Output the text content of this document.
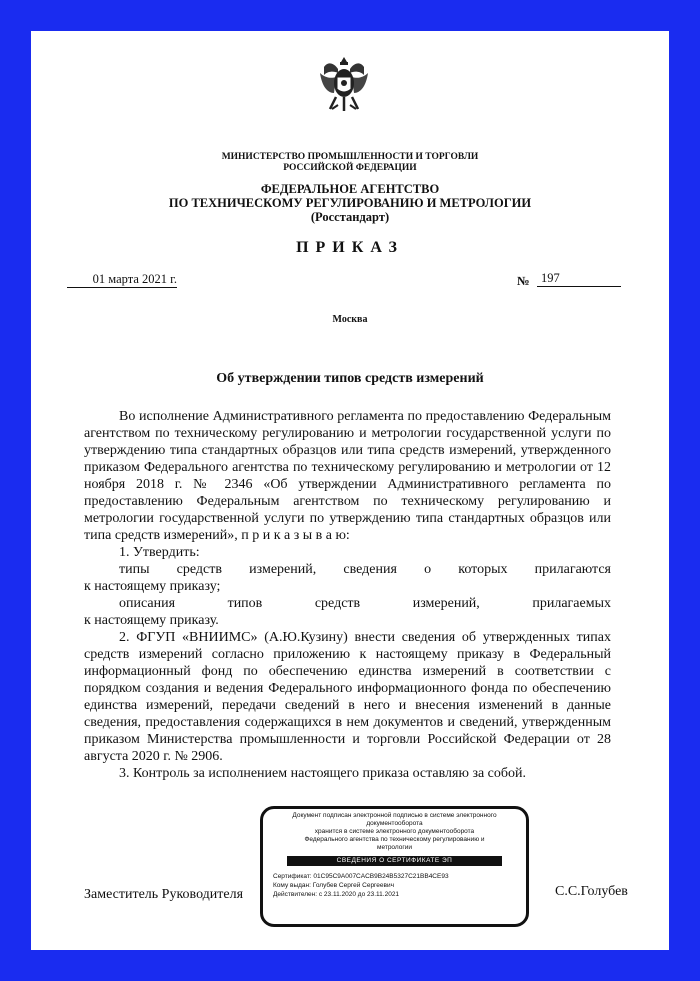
МИНИСТЕРСТВО ПРОМЫШЛЕННОСТИ И ТОРГОВЛИ
РОССИЙСКОЙ ФЕДЕРАЦИИ
ФЕДЕРАЛЬНОЕ АГЕНТСТВО
ПО ТЕХНИЧЕСКОМУ РЕГУЛИРОВАНИЮ И МЕТРОЛОГИИ
(Росстандарт)
ПРИКАЗ
01 марта 2021 г.	№ 197
Москва
Об утверждении типов средств измерений

Во исполнение Административного регламента по предоставлению Федеральным агентством по техническому регулированию и метрологии государственной услуги по утверждению типа стандартных образцов или типа средств измерений, утвержденного приказом Федерального агентства по техническому регулированию и метрологии от 12 ноября 2018 г. № 2346 «Об утверждении Административного регламента по предоставлению Федеральным агентством по техническому регулированию и метрологии государственной услуги по утверждению типа стандартных образцов или типа средств измерений», п р и к а з ы в а ю:

1. Утвердить:

типы средств измерений, сведения о которых прилагаются

к настоящему приказу;

описания типов средств измерений, прилагаемых

к настоящему приказу.

2. ФГУП «ВНИИМС» (А.Ю.Кузину) внести сведения об утвержденных типах средств измерений согласно приложению к настоящему приказу в Федеральный информационный фонд по обеспечению единства измерений в соответствии с порядком создания и ведения Федерального информационного фонда по обеспечению единства измерений, передачи сведений в него и внесения изменений в данные сведения, предоставления содержащихся в нем документов и сведений, утвержденным приказом Министерства промышленности и торговли Российской Федерации от 28 августа 2020 г. № 2906.

3. Контроль за исполнением настоящего приказа оставляю за собой.

Заместитель Руководителя	С.С.Голубев
Документ подписан электронной подписью в системе электронного документооборота
хранится в системе электронного документооборота
Федерального агентства по техническому регулированию и
метрологии
СВЕДЕНИЯ О СЕРТИФИКАТЕ ЭП
Сертификат: 01C95C9A007CACB9B24B5327C21BB4CE93
Кому выдан: Голубев Сергей Сергеевич
Действителен: с 23.11.2020 до 23.11.2021
